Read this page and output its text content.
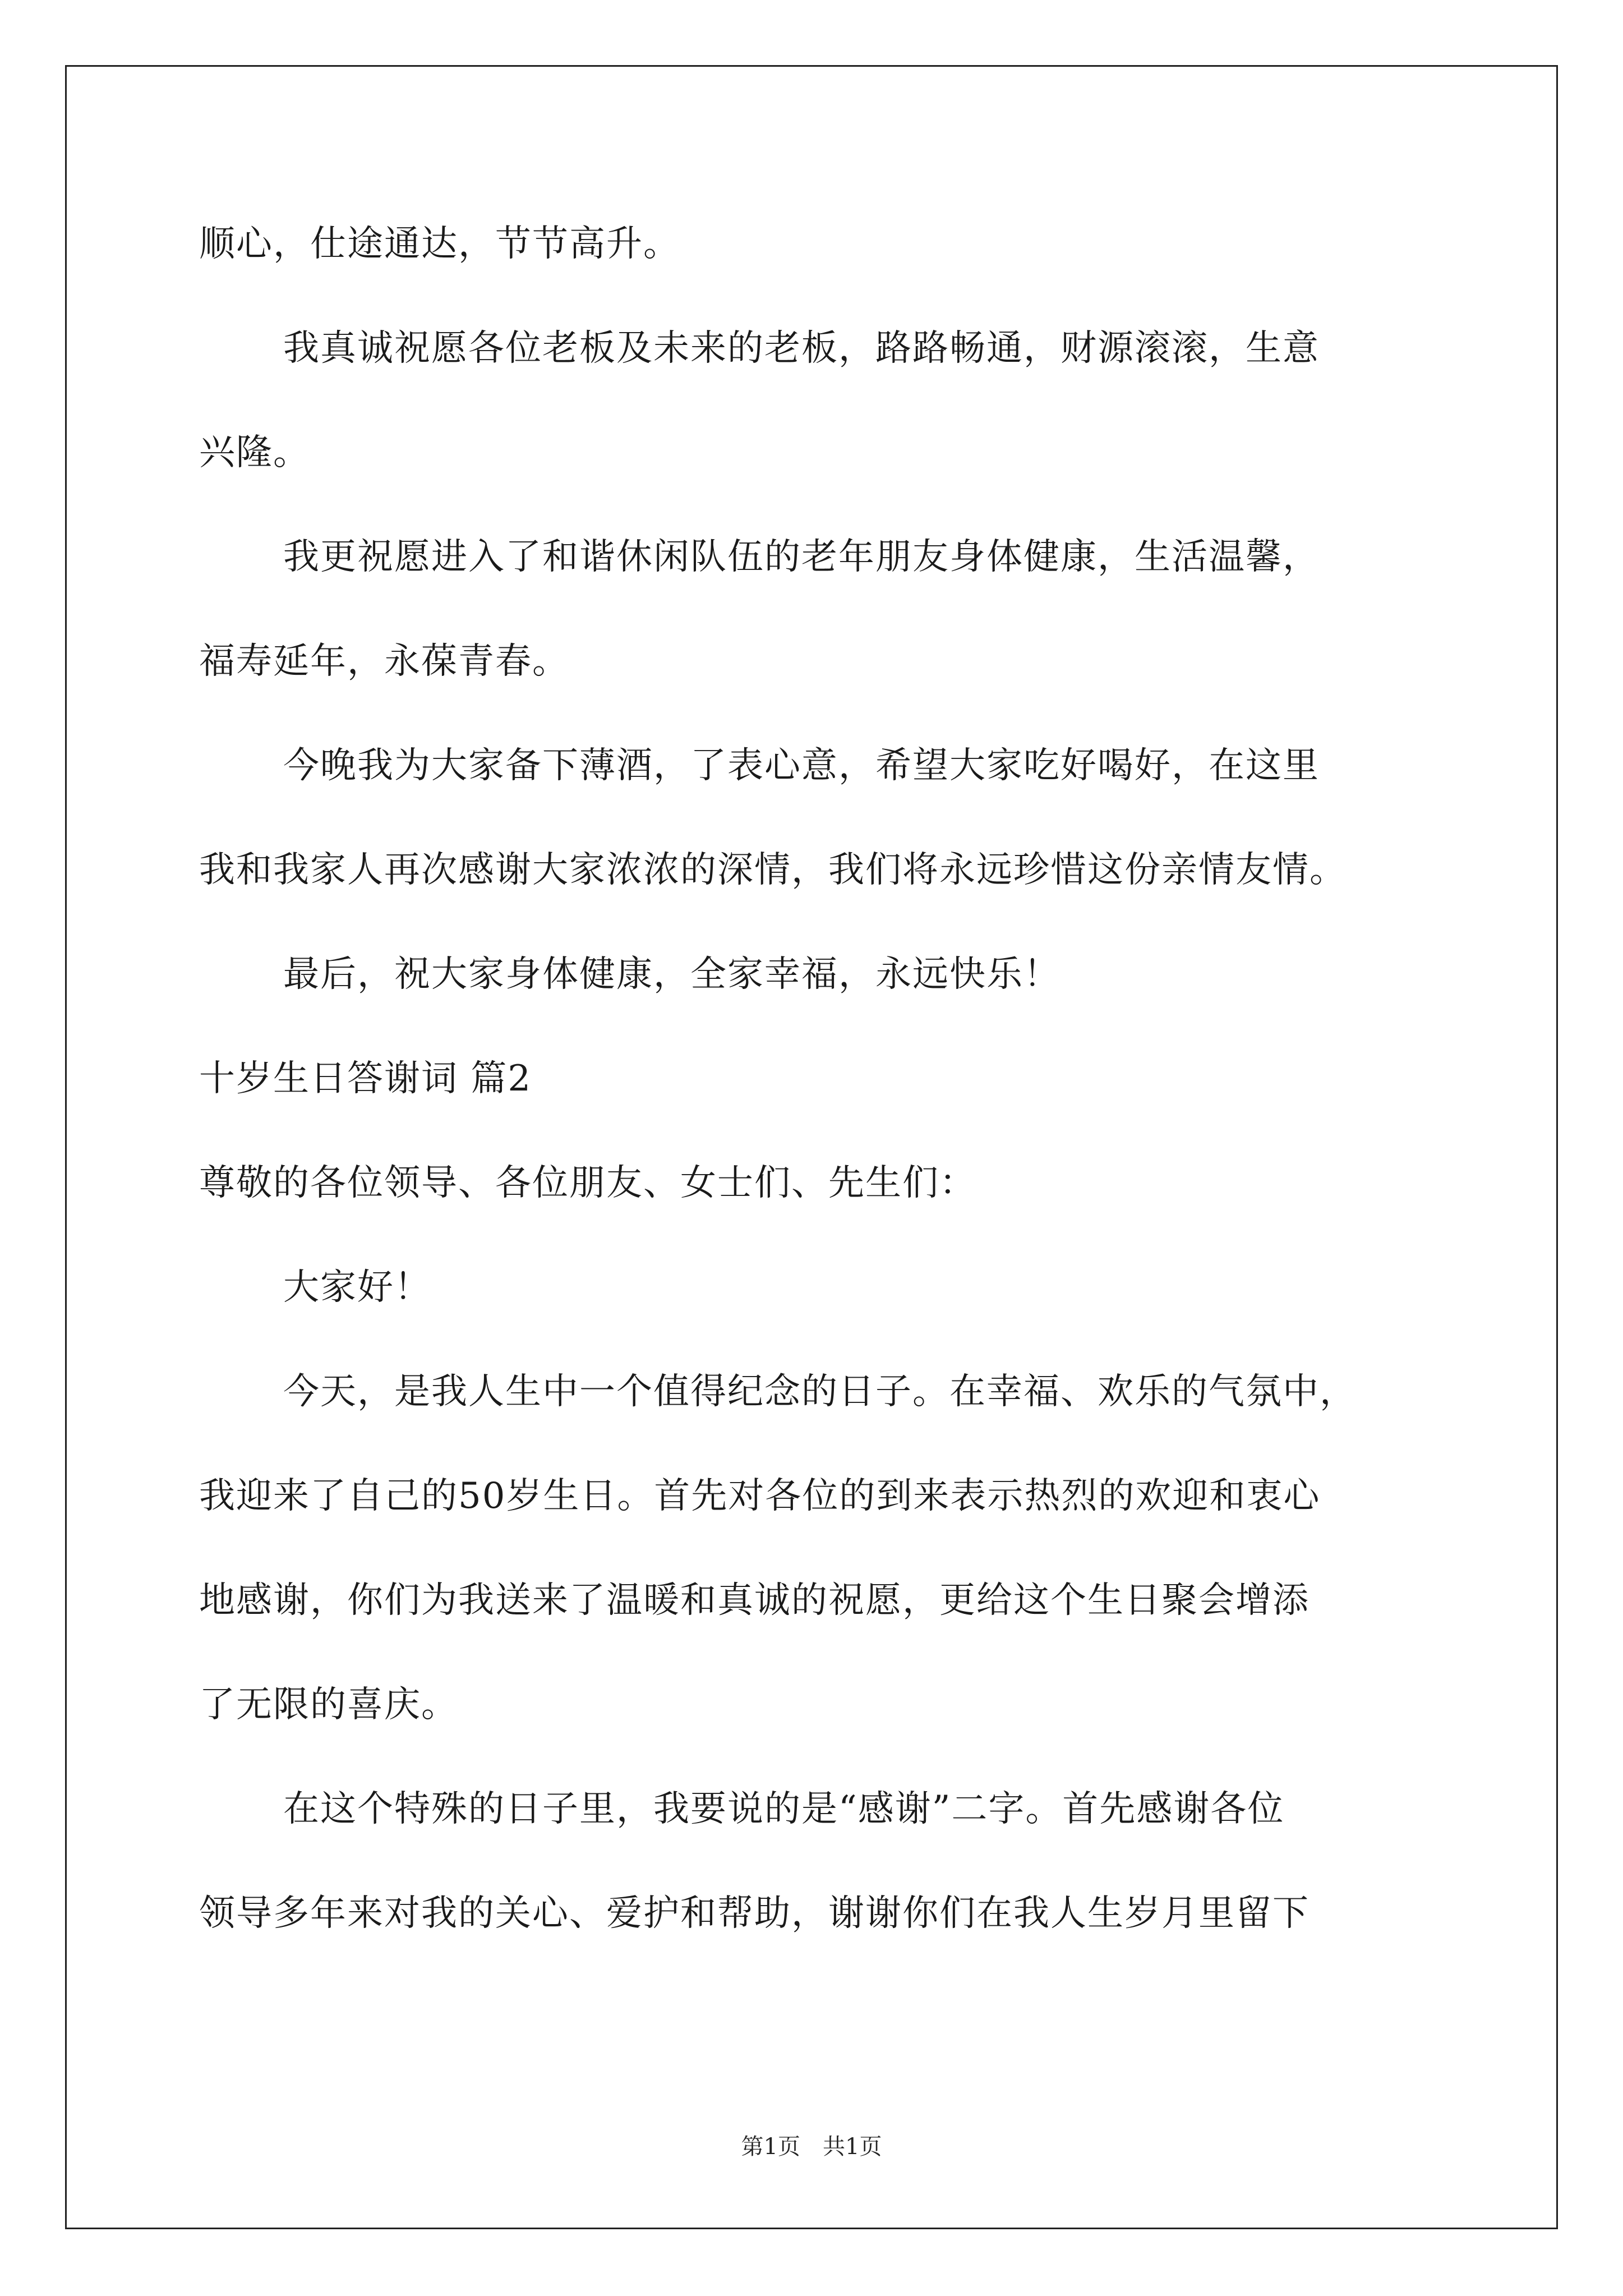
顺心，仕途通达，节节高升。
我真诚祝愿各位老板及未来的老板，路路畅通，财源滚滚，生意
兴隆。
我更祝愿进入了和谐休闲队伍的老年朋友身体健康，生活温馨，
福寿延年，永葆青春。
今晚我为大家备下薄酒，了表心意，希望大家吃好喝好，在这里
我和我家人再次感谢大家浓浓的深情，我们将永远珍惜这份亲情友情。
最后，祝大家身体健康，全家幸福，永远快乐！
十岁生日答谢词 篇2
尊敬的各位领导、各位朋友、女士们、先生们：
大家好！
今天，是我人生中一个值得纪念的日子。在幸福、欢乐的气氛中，
我迎来了自己的50岁生日。首先对各位的到来表示热烈的欢迎和衷心
地感谢，你们为我送来了温暖和真诚的祝愿，更给这个生日聚会增添
了无限的喜庆。
在这个特殊的日子里，我要说的是“感谢”二字。首先感谢各位
领导多年来对我的关心、爱护和帮助，谢谢你们在我人生岁月里留下
第1页　共1页
